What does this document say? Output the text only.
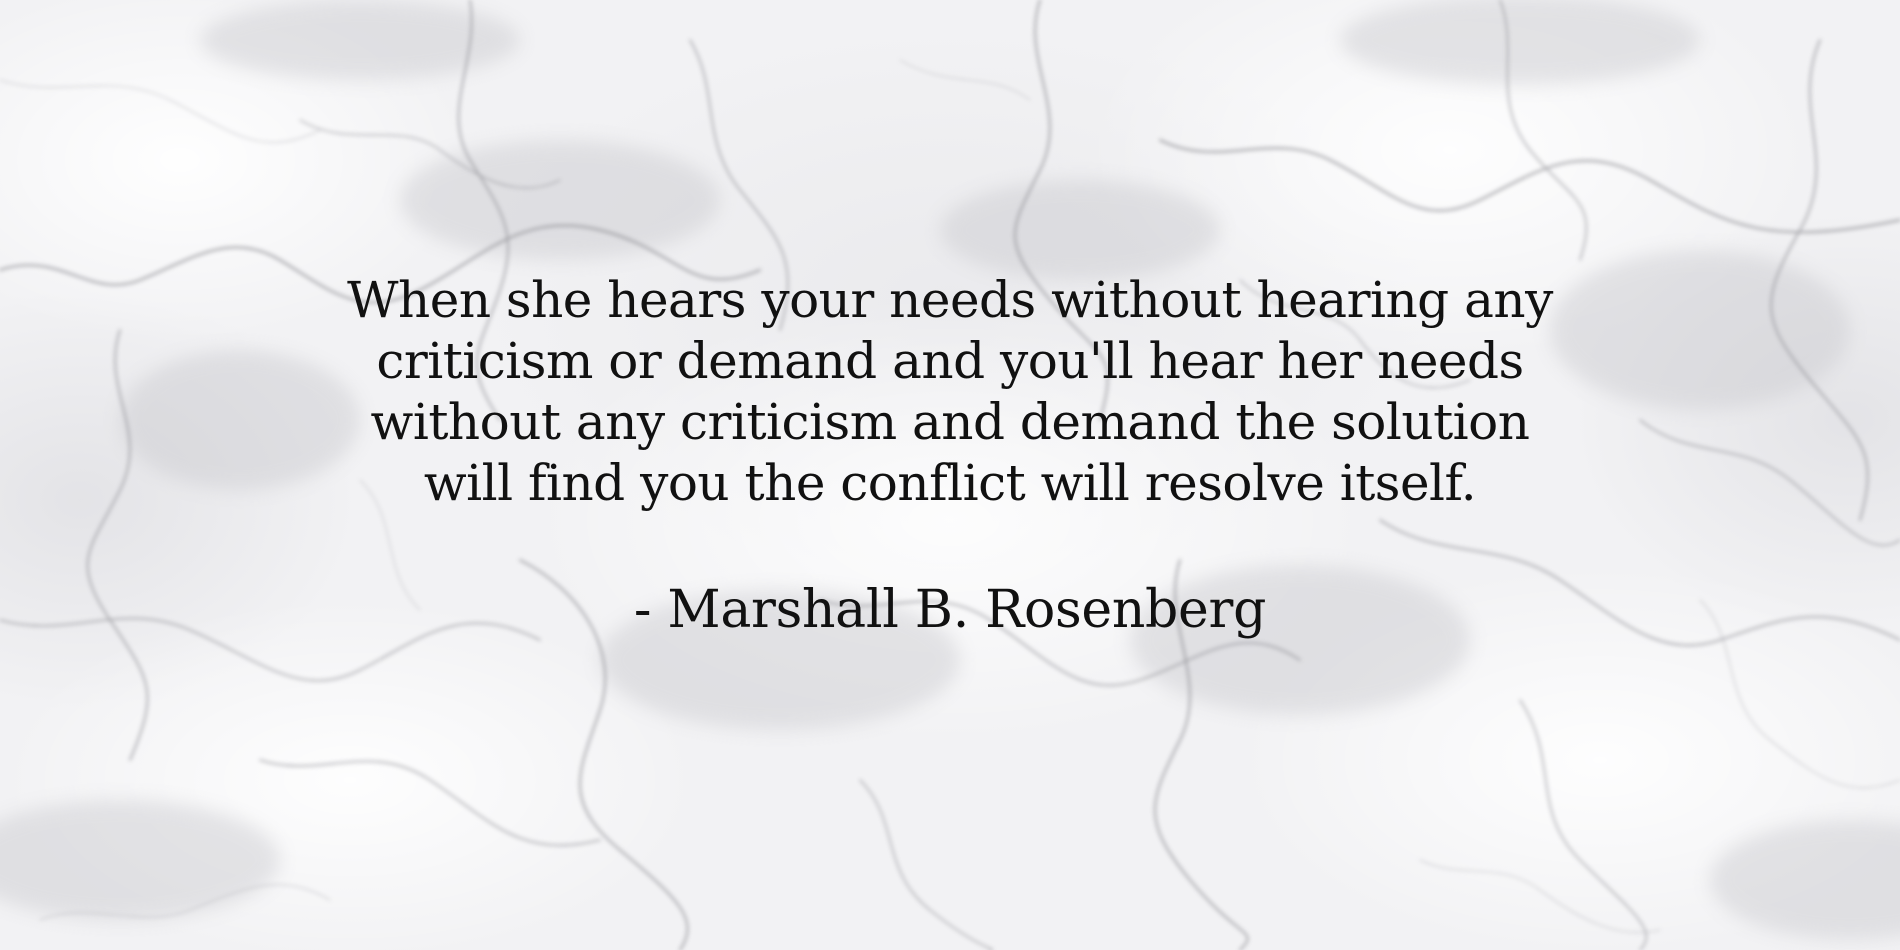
When she hears your needs without hearing any
criticism or demand and you'll hear her needs
without any criticism and demand the solution
will find you the conflict will resolve itself.
- Marshall B. Rosenberg
